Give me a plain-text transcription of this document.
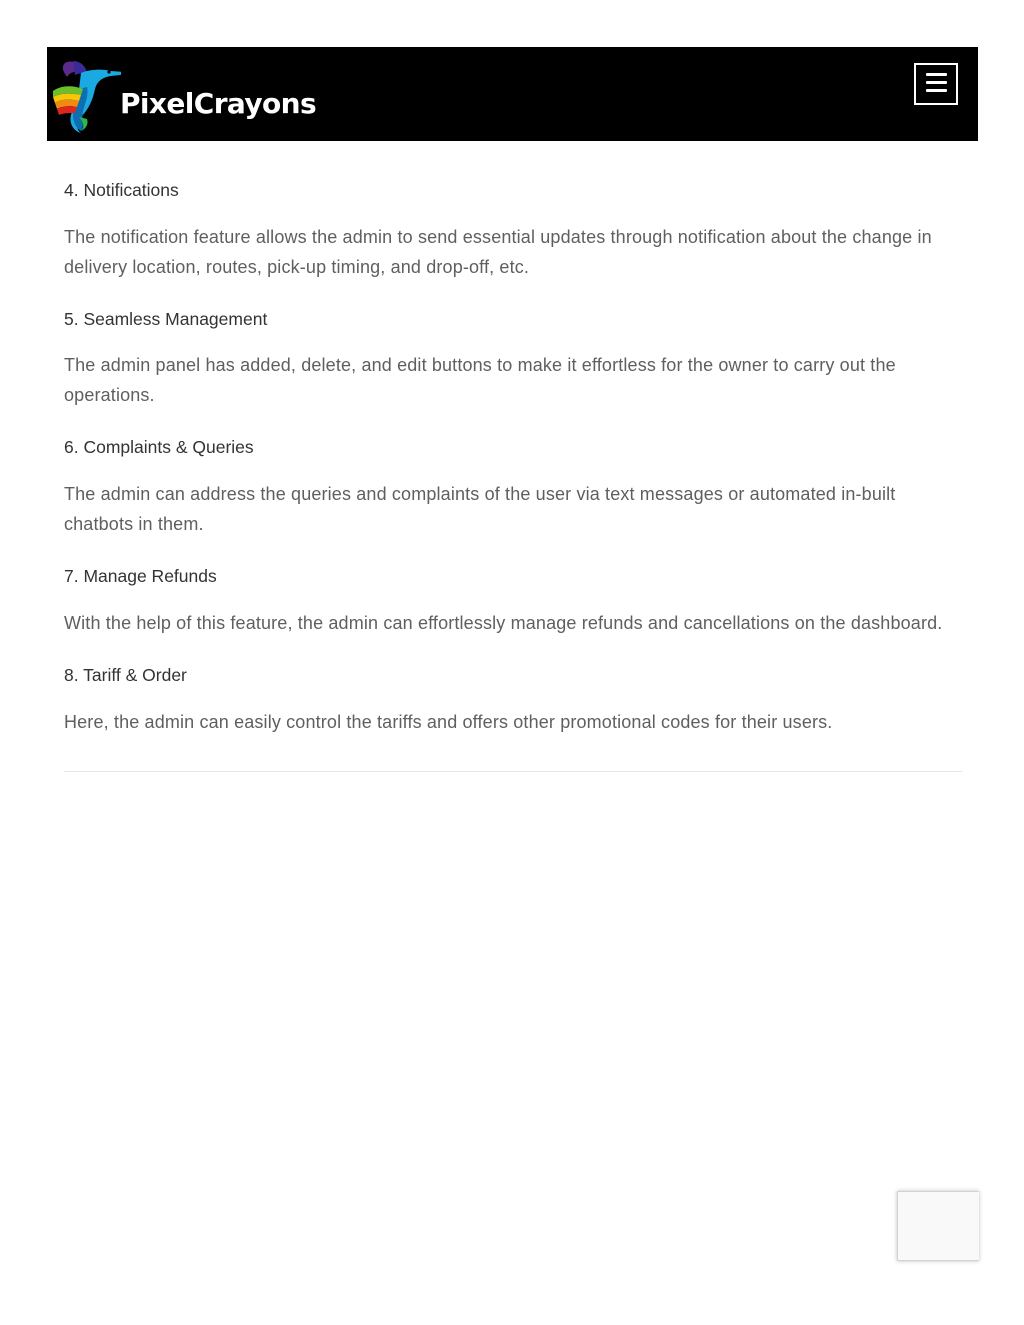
4. Notifications

The notification feature allows the admin to send essential updates through notification about the change in delivery location, routes, pick-up timing, and drop-off, etc.

5. Seamless Management

The admin panel has added, delete, and edit buttons to make it effortless for the owner to carry out the operations.

6. Complaints & Queries

The admin can address the queries and complaints of the user via text messages or automated in-built chatbots in them.

7. Manage Refunds

With the help of this feature, the admin can effortlessly manage refunds and cancellations on the dashboard.

8. Tariff & Order

Here, the admin can easily control the tariffs and offers other promotional codes for their users.

PixelCrayons
